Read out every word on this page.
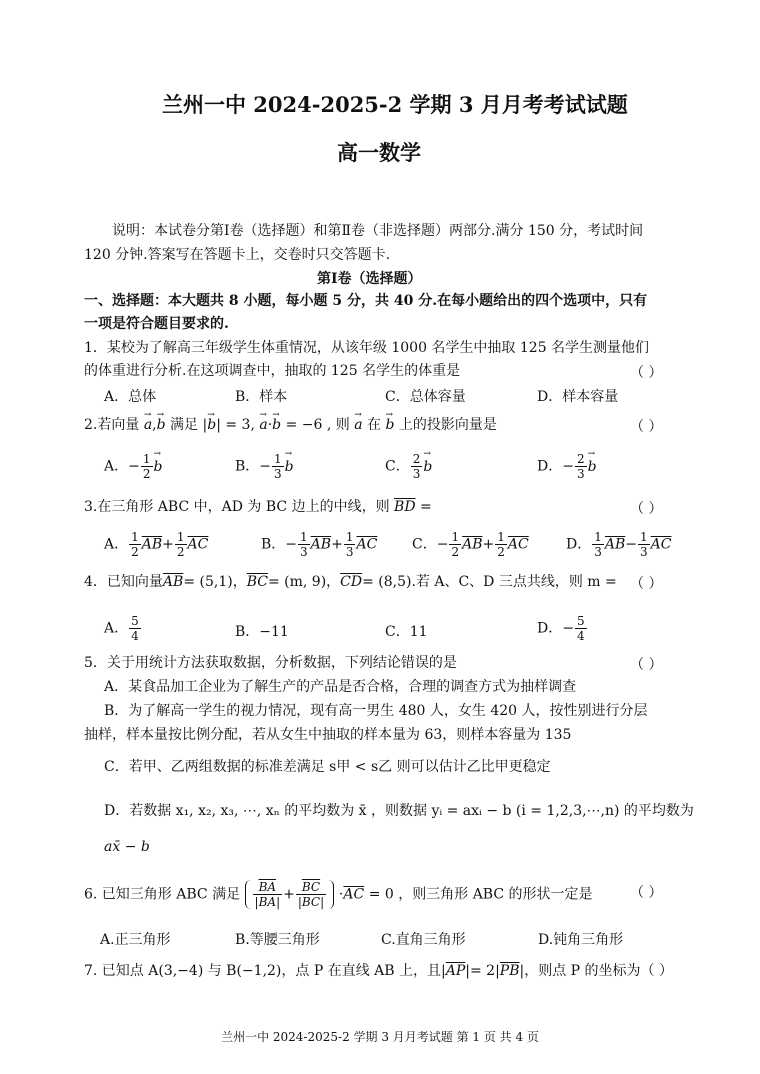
兰州一中 2024-2025-2 学期 3 月月考考试试题
高一数学
说明：本试卷分第Ⅰ卷（选择题）和第Ⅱ卷（非选择题）两部分.满分 150 分，考试时间
120 分钟.答案写在答题卡上，交卷时只交答题卡.
第Ⅰ卷（选择题）
一、选择题：本大题共 8 小题，每小题 5 分，共 40 分.在每小题给出的四个选项中，只有
一项是符合题目要求的.
1．某校为了解高三年级学生体重情况，从该年级 1000 名学生中抽取 125 名学生测量他们
的体重进行分析.在这项调查中，抽取的 125 名学生的体重是	（ ）
A．总体	B．样本	C．总体容量	D．样本容量
2.若向量 → a,→ b 满足 |→ b| = 3, → a·→ b = −6 , 则 → a 在 → b 上的投影向量是	（ ）
A．− $\frac{1}{2} \to b$	B．− $\frac{1}{3} \to b$	C． $\frac{2}{3} \to b$	D．− $\frac{2}{3} \to b$
3.在三角形 ABC 中，AD 为 BC 边上的中线，则 $\overline{BD}$ =	（ ）
A． $\frac{1}{2} \overline{AB}+ \frac{1}{2} \overline{AC}$	B．− $\frac{1}{3} \overline{AB}+ \frac{1}{3} \overline{AC}$ C．− $\frac{1}{2} \overline{AB}+ \frac{1}{2} \overline{AC}$	D． $\frac{1}{3} \overline{AB}- \frac{1}{3} \overline{AC}$
4．已知向量$\overline{AB}= (5,1)$，$\overline{BC}= (m$, 9)，$\overline{CD}= (8,5)$.若 A、C、D 三点共线，则 m = （ ）
A． $\frac{5}{4}$	B．−11	C．11	D．− $\frac{5}{4}$
5．关于用统计方法获取数据，分析数据，下列结论错误的是	（ ）
A．某食品加工企业为了解生产的产品是否合格，合理的调查方式为抽样调查
B．为了解高一学生的视力情况，现有高一男生 480 人，女生 420 人，按性别进行分层
抽样，样本量按比例分配，若从女生中抽取的样本量为 63，则样本容量为 135
C．若甲、乙两组数据的标准差满足 s甲 < s乙 则可以估计乙比甲更稳定
D．若数据 x₁, x₂, x₃, ⋯, xₙ 的平均数为 x̄ ，则数据 yᵢ = axᵢ − b (i = 1,2,3,⋯,n) 的平均数为
ax̄ − b
6. 已知三角形 ABC 满足 $\frac{\overline{BA}}{|\overline{BA}|} + \frac{\overline{BC}}{|\overline{BC}|} \cdot\overline{AC} = 0$ ，则三角形 ABC 的形状一定是	（ ）
A.正三角形	B.等腰三角形	C.直角三角形	D.钝角三角形
7. 已知点 A(3,−4) 与 B(−1,2)，点 P 在直线 AB 上，且$|\overline{AP}|= 2|\overline{PB}|$，则点 P 的坐标为（ ）
兰州一中 2024-2025-2 学期 3 月月考试题 第 1 页 共 4 页
